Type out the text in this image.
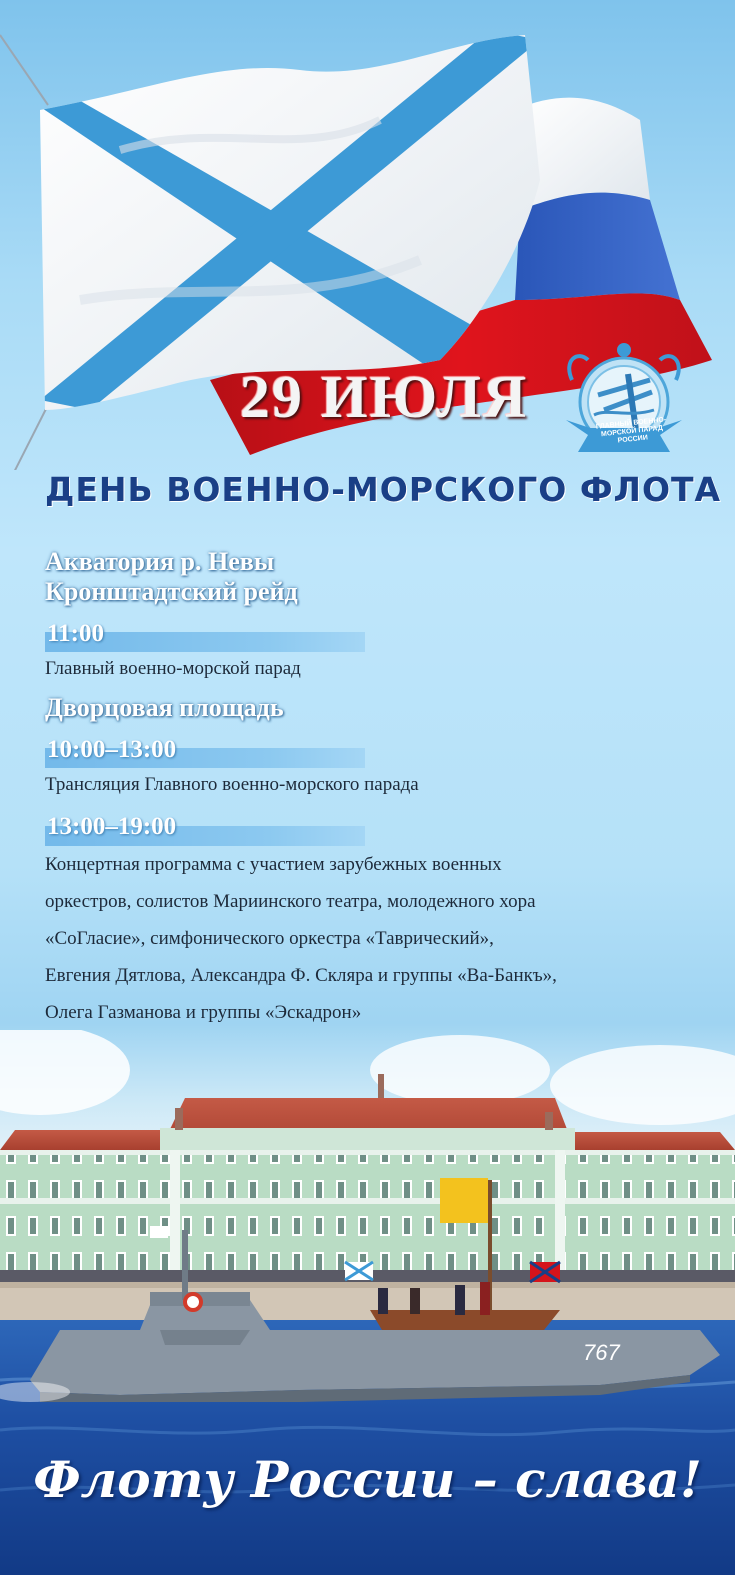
29 ИЮЛЯ	ГЛАВНЫЙ ВОЕННО-МОРСКОЙ ПАРАД РОССИИ
ДЕНЬ ВОЕННО-МОРСКОГО ФЛОТА
Акватория р. Невы
Кронштадтский рейд
11:00
Главный военно-морской парад
Дворцовая площадь
10:00–13:00
Трансляция Главного военно-морского парада
13:00–19:00
Концертная программа с участием зарубежных военных
оркестров, солистов Мариинского театра, молодежного хора
«СоГласие», симфонического оркестра «Таврический»,
Евгения Дятлова, Александра Ф. Скляра и группы «Ва-Банкъ»,
Олега Газманова и группы «Эскадрон»
767
Флоту России – слава!
